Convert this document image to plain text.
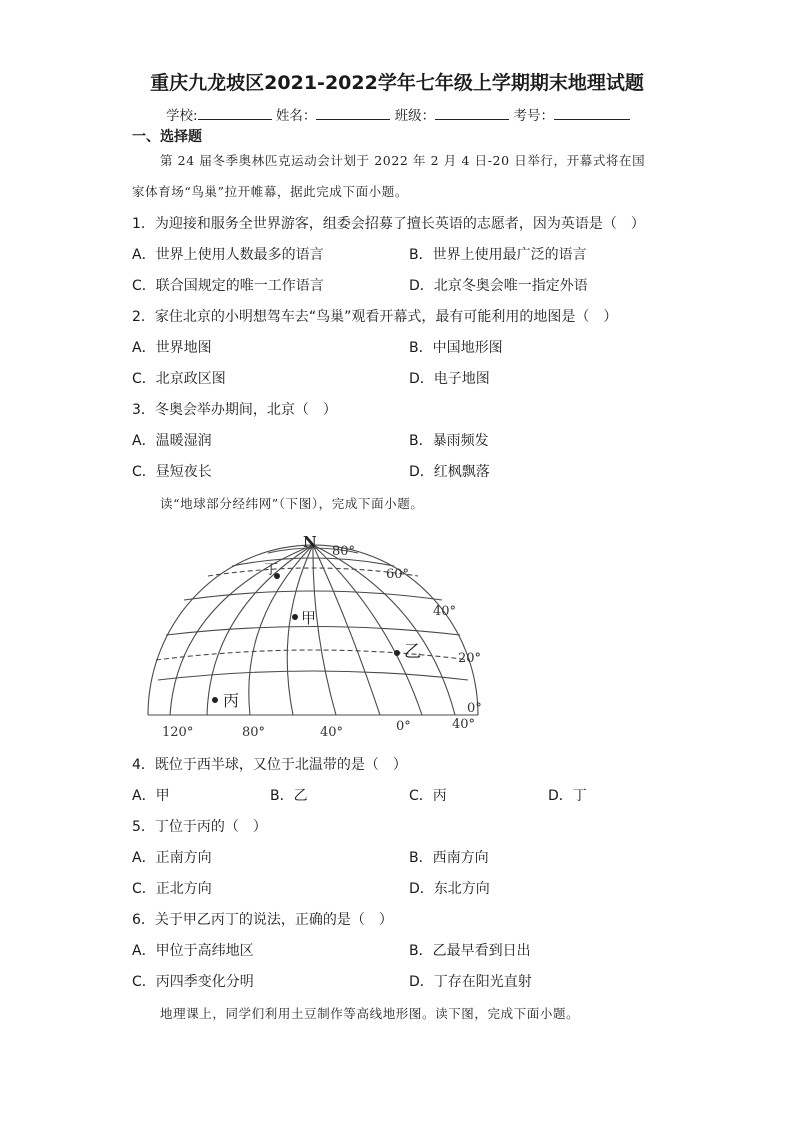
重庆九龙坡区2021-2022学年七年级上学期期末地理试题
学校:	姓名：	班级：	考号：
一、选择题
第 24 届冬季奥林匹克运动会计划于 2022 年 2 月 4 日-20 日举行，开幕式将在国
家体育场“鸟巢”拉开帷幕，据此完成下面小题。
1．为迎接和服务全世界游客，组委会招募了擅长英语的志愿者，因为英语是（　）
A．世界上使用人数最多的语言	B．世界上使用最广泛的语言
C．联合国规定的唯一工作语言	D．北京冬奥会唯一指定外语
2．家住北京的小明想驾车去“鸟巢”观看开幕式，最有可能利用的地图是（　）
A．世界地图	B．中国地形图
C．北京政区图	D．电子地图
3．冬奥会举办期间，北京（　）
A．温暖湿润	B．暴雨频发
C．昼短夜长	D．红枫飘落
读“地球部分经纬网”（下图），完成下面小题。
N
80°
60°
40°
20°
0°
120°	80°	40°	0°	40°
丁
甲
乙
丙
4．既位于西半球，又位于北温带的是（　）
A．甲	B．乙	C．丙	D．丁
5．丁位于丙的（　）
A．正南方向	B．西南方向
C．正北方向	D．东北方向
6．关于甲乙丙丁的说法，正确的是（　）
A．甲位于高纬地区	B．乙最早看到日出
C．丙四季变化分明	D．丁存在阳光直射
地理课上，同学们利用土豆制作等高线地形图。读下图，完成下面小题。
